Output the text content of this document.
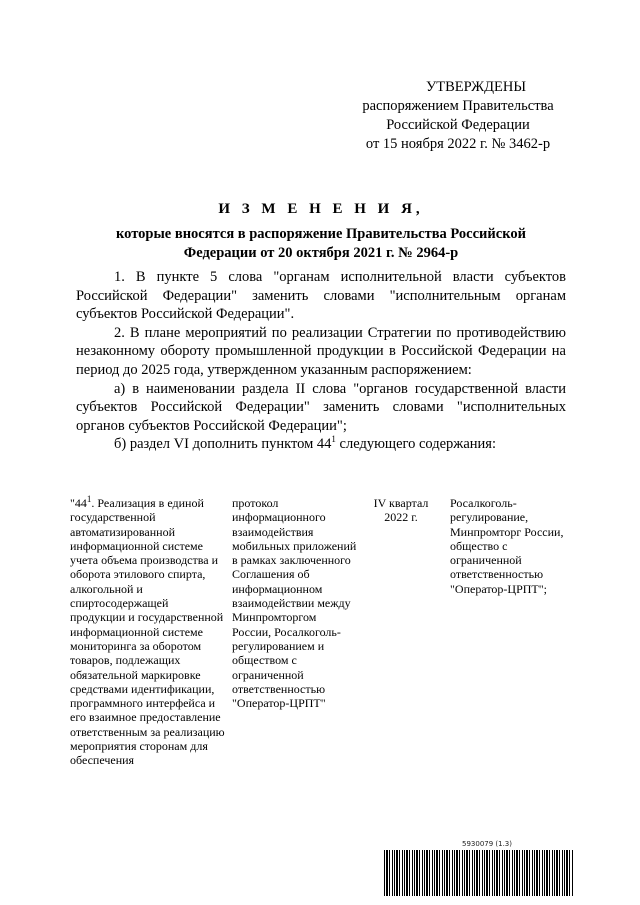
УТВЕРЖДЕНЫ
распоряжением Правительства
Российской Федерации
от 15 ноября 2022 г. № 3462-р
И З М Е Н Е Н И Я,
которые вносятся в распоряжение Правительства Российской
Федерации от 20 октября 2021 г. № 2964-р

1. В пункте 5 слова "органам исполнительной власти субъектов Российской Федерации" заменить словами "исполнительным органам субъектов Российской Федерации".

2. В плане мероприятий по реализации Стратегии по противодействию незаконному обороту промышленной продукции в Российской Федерации на период до 2025 года, утвержденном указанным распоряжением:

а) в наименовании раздела II слова "органов государственной власти субъектов Российской Федерации" заменить словами "исполнительных органов субъектов Российской Федерации";

б) раздел VI дополнить пунктом $44^1$ следующего содержания:

"$44^1$. Реализация в единой государственной автоматизированной информационной системе учета объема производства и оборота этилового спирта, алкогольной и спиртосодержащей продукции и государственной информационной системе мониторинга за оборотом товаров, подлежащих обязательной маркировке средствами идентификации, программного интерфейса и его взаимное предоставление ответственным за реализацию мероприятия сторонам для обеспечения
протокол информационного взаимодействия мобильных приложений в рамках заключенного Соглашения об информационном взаимодействии между Минпромторгом России, Росалкоголь-регулированием и обществом с ограниченной ответственностью "Оператор-ЦРПТ"
IV квартал 2022 г.
Росалкоголь-регулирование, Минпромторг России, общество с ограниченной ответственностью "Оператор-ЦРПТ";
5930079 (1.3)
